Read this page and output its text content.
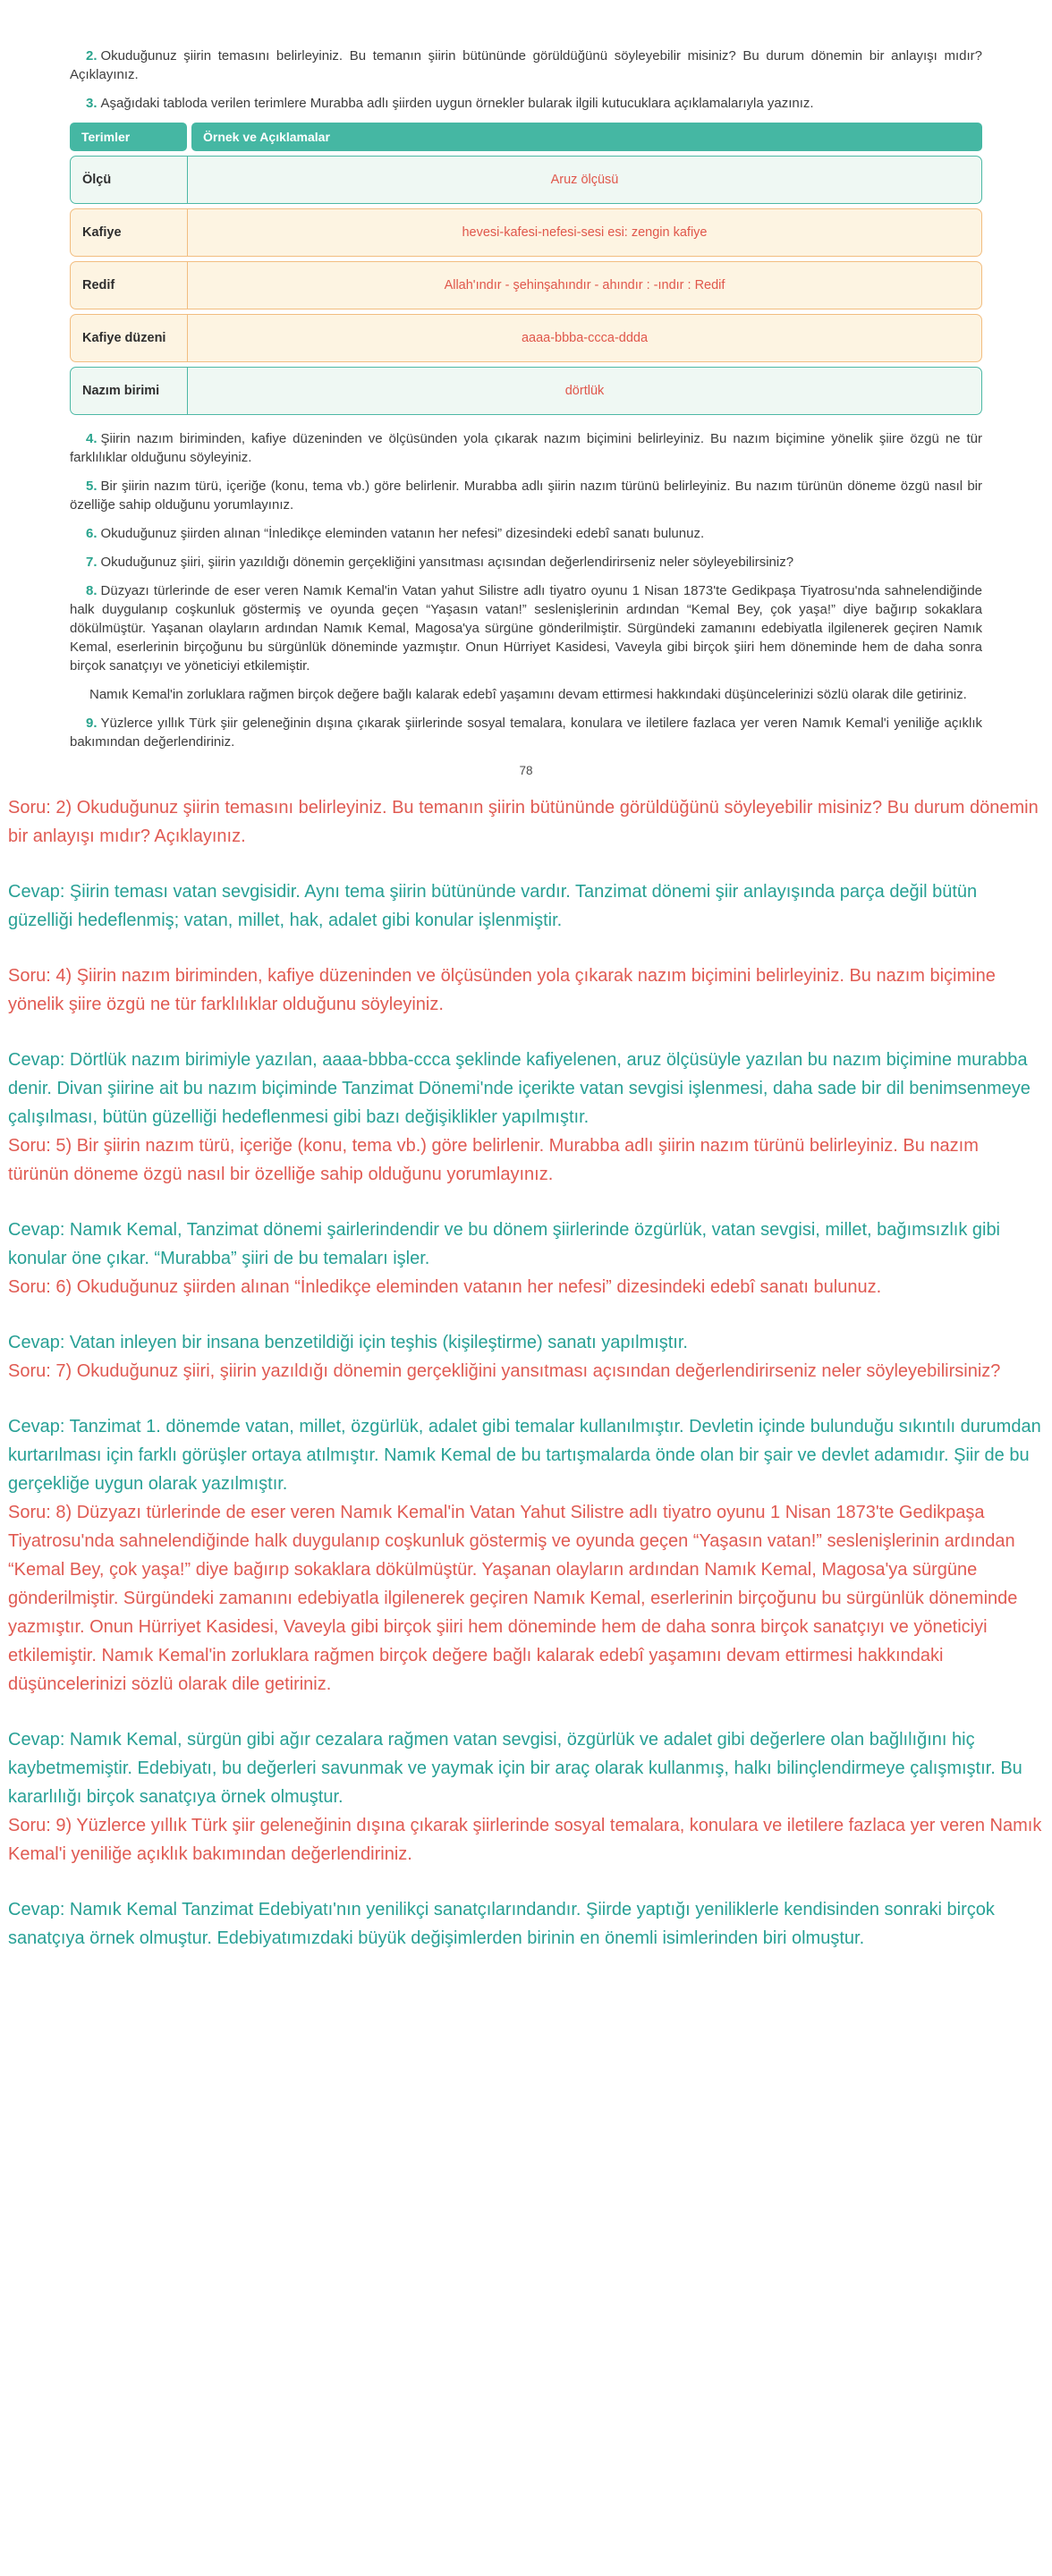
2. Okuduğunuz şiirin temasını belirleyiniz. Bu temanın şiirin bütününde görüldüğünü söyleyebilir misiniz? Bu durum dönemin bir anlayışı mıdır? Açıklayınız.

3. Aşağıdaki tabloda verilen terimlere Murabba adlı şiirden uygun örnekler bularak ilgili kutucuklara açıklamalarıyla yazınız.

Terimler	Örnek ve Açıklamalar
Ölçü	Aruz ölçüsü
Kafiye	hevesi-kafesi-nefesi-sesi esi: zengin kafiye
Redif	Allah'ındır - şehinşahındır - ahındır : -ındır : Redif
Kafiye düzeni	aaaa-bbba-ccca-ddda
Nazım birimi	dörtlük

4. Şiirin nazım biriminden, kafiye düzeninden ve ölçüsünden yola çıkarak nazım biçimini belirleyiniz. Bu nazım biçimine yönelik şiire özgü ne tür farklılıklar olduğunu söyleyiniz.

5. Bir şiirin nazım türü, içeriğe (konu, tema vb.) göre belirlenir. Murabba adlı şiirin nazım türünü belirleyiniz. Bu nazım türünün döneme özgü nasıl bir özelliğe sahip olduğunu yorumlayınız.

6. Okuduğunuz şiirden alınan “İnledikçe eleminden vatanın her nefesi” dizesindeki edebî sanatı bulunuz.

7. Okuduğunuz şiiri, şiirin yazıldığı dönemin gerçekliğini yansıtması açısından değerlendirirseniz neler söyleyebilirsiniz?

8. Düzyazı türlerinde de eser veren Namık Kemal'in Vatan yahut Silistre adlı tiyatro oyunu 1 Nisan 1873'te Gedikpaşa Tiyatrosu'nda sahnelendiğinde halk duygulanıp coşkunluk göstermiş ve oyunda geçen “Yaşasın vatan!” seslenişlerinin ardından “Kemal Bey, çok yaşa!” diye bağırıp sokaklara dökülmüştür. Yaşanan olayların ardından Namık Kemal, Magosa'ya sürgüne gönderilmiştir. Sürgündeki zamanını edebiyatla ilgilenerek geçiren Namık Kemal, eserlerinin birçoğunu bu sürgünlük döneminde yazmıştır. Onun Hürriyet Kasidesi, Vaveyla gibi birçok şiiri hem döneminde hem de daha sonra birçok sanatçıyı ve yöneticiyi etkilemiştir.

Namık Kemal'in zorluklara rağmen birçok değere bağlı kalarak edebî yaşamını devam ettirmesi hakkındaki düşüncelerinizi sözlü olarak dile getiriniz.

9. Yüzlerce yıllık Türk şiir geleneğinin dışına çıkarak şiirlerinde sosyal temalara, konulara ve iletilere fazlaca yer veren Namık Kemal'i yeniliğe açıklık bakımından değerlendiriniz.

78

Soru: 2) Okuduğunuz şiirin temasını belirleyiniz. Bu temanın şiirin bütününde görüldüğünü söyleyebilir misiniz? Bu durum dönemin bir anlayışı mıdır? Açıklayınız.

Cevap: Şiirin teması vatan sevgisidir. Aynı tema şiirin bütününde vardır. Tanzimat dönemi şiir anlayışında parça değil bütün güzelliği hedeflenmiş; vatan, millet, hak, adalet gibi konular işlenmiştir.

Soru: 4) Şiirin nazım biriminden, kafiye düzeninden ve ölçüsünden yola çıkarak nazım biçimini belirleyiniz. Bu nazım biçimine yönelik şiire özgü ne tür farklılıklar olduğunu söyleyiniz.

Cevap: Dörtlük nazım birimiyle yazılan, aaaa-bbba-ccca şeklinde kafiyelenen, aruz ölçüsüyle yazılan bu nazım biçimine murabba denir. Divan şiirine ait bu nazım biçiminde Tanzimat Dönemi'nde içerikte vatan sevgisi işlenmesi, daha sade bir dil benimsenmeye çalışılması, bütün güzelliği hedeflenmesi gibi bazı değişiklikler yapılmıştır.

Soru: 5) Bir şiirin nazım türü, içeriğe (konu, tema vb.) göre belirlenir. Murabba adlı şiirin nazım türünü belirleyiniz. Bu nazım türünün döneme özgü nasıl bir özelliğe sahip olduğunu yorumlayınız.

Cevap: Namık Kemal, Tanzimat dönemi şairlerindendir ve bu dönem şiirlerinde özgürlük, vatan sevgisi, millet, bağımsızlık gibi konular öne çıkar. “Murabba” şiiri de bu temaları işler.

Soru: 6) Okuduğunuz şiirden alınan “İnledikçe eleminden vatanın her nefesi” dizesindeki edebî sanatı bulunuz.

Cevap: Vatan inleyen bir insana benzetildiği için teşhis (kişileştirme) sanatı yapılmıştır.

Soru: 7) Okuduğunuz şiiri, şiirin yazıldığı dönemin gerçekliğini yansıtması açısından değerlendirirseniz neler söyleyebilirsiniz?

Cevap: Tanzimat 1. dönemde vatan, millet, özgürlük, adalet gibi temalar kullanılmıştır. Devletin içinde bulunduğu sıkıntılı durumdan kurtarılması için farklı görüşler ortaya atılmıştır. Namık Kemal de bu tartışmalarda önde olan bir şair ve devlet adamıdır. Şiir de bu gerçekliğe uygun olarak yazılmıştır.

Soru: 8) Düzyazı türlerinde de eser veren Namık Kemal'in Vatan Yahut Silistre adlı tiyatro oyunu 1 Nisan 1873'te Gedikpaşa Tiyatrosu'nda sahnelendiğinde halk duygulanıp coşkunluk göstermiş ve oyunda geçen “Yaşasın vatan!” seslenişlerinin ardından “Kemal Bey, çok yaşa!” diye bağırıp sokaklara dökülmüştür. Yaşanan olayların ardından Namık Kemal, Magosa'ya sürgüne gönderilmiştir. Sürgündeki zamanını edebiyatla ilgilenerek geçiren Namık Kemal, eserlerinin birçoğunu bu sürgünlük döneminde yazmıştır. Onun Hürriyet Kasidesi, Vaveyla gibi birçok şiiri hem döneminde hem de daha sonra birçok sanatçıyı ve yöneticiyi etkilemiştir. Namık Kemal'in zorluklara rağmen birçok değere bağlı kalarak edebî yaşamını devam ettirmesi hakkındaki düşüncelerinizi sözlü olarak dile getiriniz.

Cevap: Namık Kemal, sürgün gibi ağır cezalara rağmen vatan sevgisi, özgürlük ve adalet gibi değerlere olan bağlılığını hiç kaybetmemiştir. Edebiyatı, bu değerleri savunmak ve yaymak için bir araç olarak kullanmış, halkı bilinçlendirmeye çalışmıştır. Bu kararlılığı birçok sanatçıya örnek olmuştur.

Soru: 9) Yüzlerce yıllık Türk şiir geleneğinin dışına çıkarak şiirlerinde sosyal temalara, konulara ve iletilere fazlaca yer veren Namık Kemal'i yeniliğe açıklık bakımından değerlendiriniz.

Cevap: Namık Kemal Tanzimat Edebiyatı'nın yenilikçi sanatçılarındandır. Şiirde yaptığı yeniliklerle kendisinden sonraki birçok sanatçıya örnek olmuştur. Edebiyatımızdaki büyük değişimlerden birinin en önemli isimlerinden biri olmuştur.
